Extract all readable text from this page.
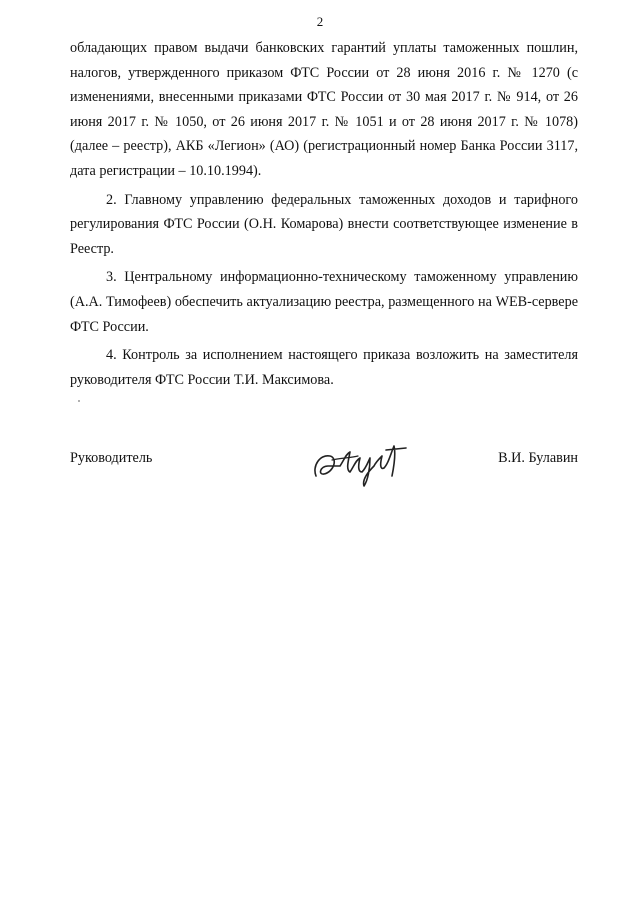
2

обладающих правом выдачи банковских гарантий уплаты таможенных пошлин, налогов, утвержденного приказом ФТС России от 28 июня 2016 г. № 1270 (с изменениями, внесенными приказами ФТС России от 30 мая 2017 г. № 914, от 26 июня 2017 г. № 1050, от 26 июня 2017 г. № 1051 и от 28 июня 2017 г. № 1078) (далее – реестр), АКБ «Легион» (АО) (регистрационный номер Банка России 3117, дата регистрации – 10.10.1994).

2. Главному управлению федеральных таможенных доходов и тарифного регулирования ФТС России (О.Н. Комарова) внести соответствующее изменение в Реестр.

3. Центральному информационно-техническому таможенному управлению (А.А. Тимофеев) обеспечить актуализацию реестра, размещенного на WEB-сервере ФТС России.

4. Контроль за исполнением настоящего приказа возложить на заместителя руководителя ФТС России Т.И. Максимова.

Руководитель	В.И. Булавин
